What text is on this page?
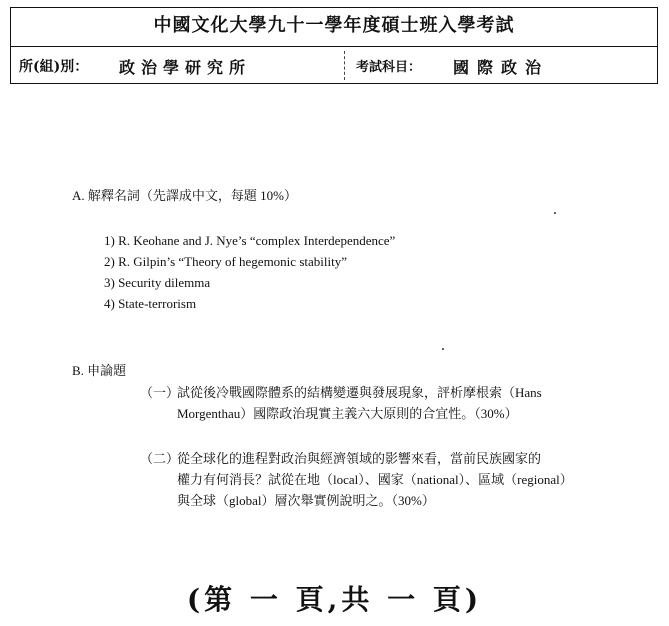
中國文化大學九十一學年度碩士班入學考試
所(組)別： 政治學研究所	考試科目： 國際政治
A. 解釋名詞（先譯成中文，每題 10%）
1) R. Keohane and J. Nye’s “complex Interdependence”
2) R. Gilpin’s “Theory of hegemonic stability”
3) Security dilemma
4) State-terrorism
B. 申論題
（一）
試從後冷戰國際體系的結構變遷與發展現象，評析摩根索（Hans
Morgenthau）國際政治現實主義六大原則的合宜性。（30%）
（二）
從全球化的進程對政治與經濟領域的影響來看，當前民族國家的
權力有何消長？試從在地（local）、國家（national）、區域（regional）
與全球（global）層次舉實例說明之。（30%）
(第 一 頁,共 一 頁)
